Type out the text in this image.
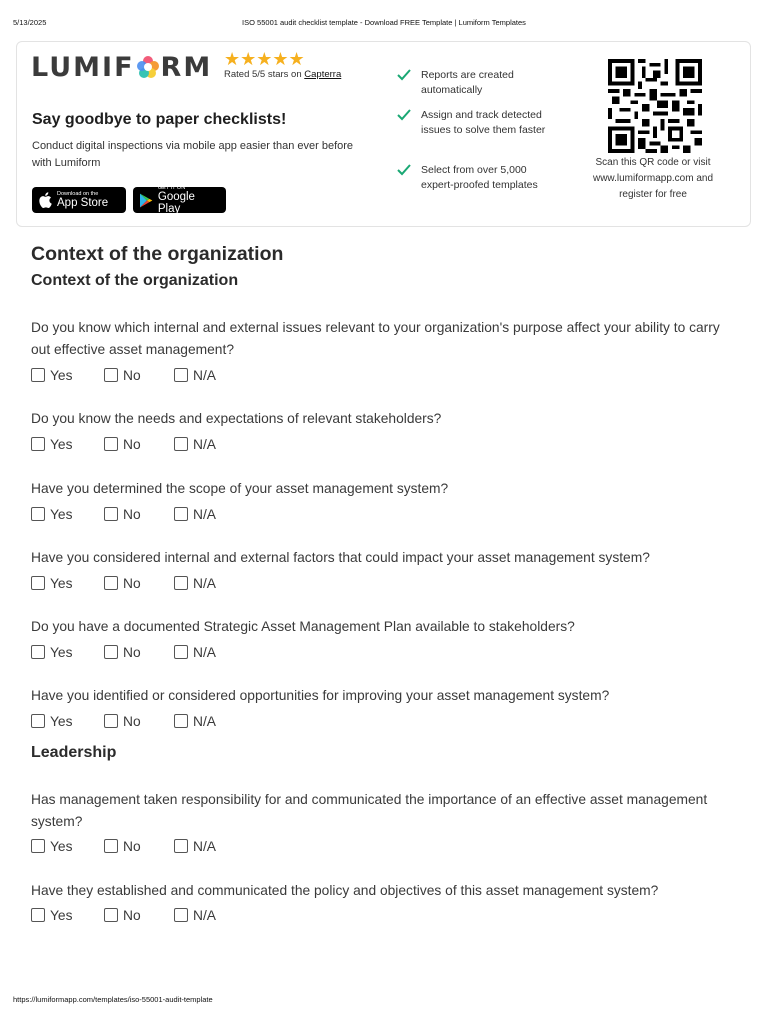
5/13/2025	ISO 55001 audit checklist template - Download FREE Template | Lumiform Templates
LUMIF RM ★★★★★
Rated 5/5 stars on Capterra
Say goodbye to paper checklists!
Conduct digital inspections via mobile app easier than ever before with Lumiform
Download on the
App Store
GET IT ON
Google Play
Reports are created automatically
Assign and track detected issues to solve them faster
Select from over 5,000 expert-proofed templates
Scan this QR code or visit www.lumiformapp.com and register for free
Context of the organization
Context of the organization
Do you know which internal and external issues relevant to your organization's purpose affect your ability to carry out effective asset management?
Yes	No	N/A
Do you know the needs and expectations of relevant stakeholders?
Yes	No	N/A
Have you determined the scope of your asset management system?
Yes	No	N/A
Have you considered internal and external factors that could impact your asset management system?
Yes	No	N/A
Do you have a documented Strategic Asset Management Plan available to stakeholders?
Yes	No	N/A
Have you identified or considered opportunities for improving your asset management system?
Yes	No	N/A
Leadership
Has management taken responsibility for and communicated the importance of an effective asset management system?
Yes	No	N/A
Have they established and communicated the policy and objectives of this asset management system?
Yes	No	N/A
https://lumiformapp.com/templates/iso-55001-audit-template
